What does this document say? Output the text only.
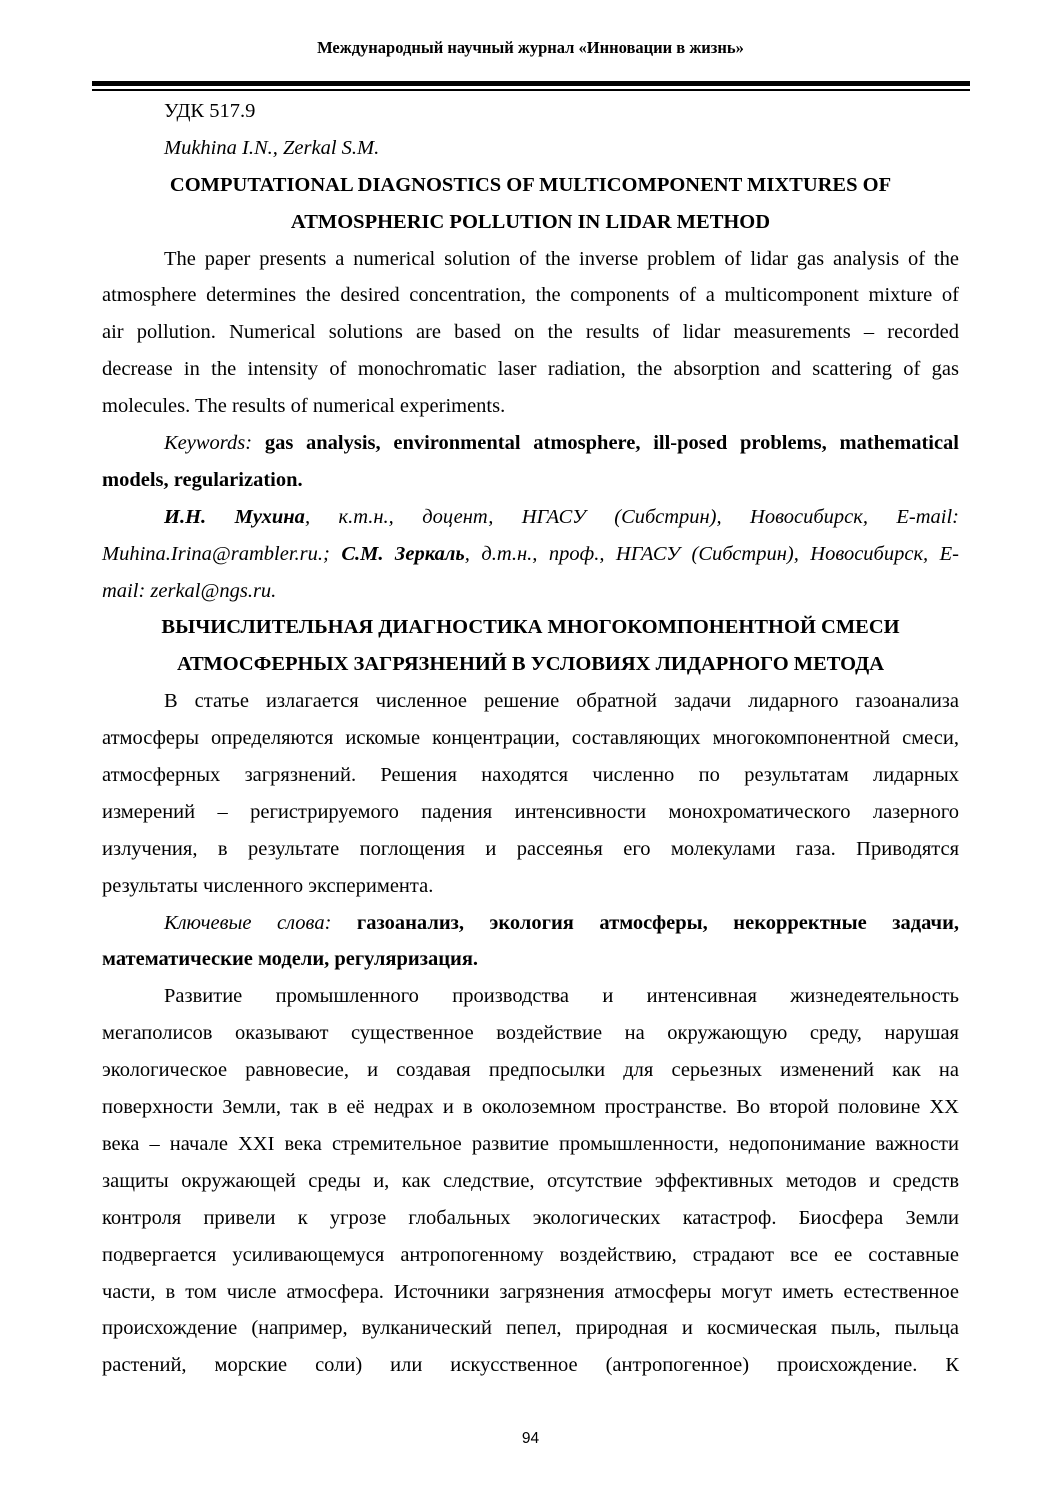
Международный научный журнал «Инновации в жизнь»
УДК 517.9
Mukhina I.N., Zerkal S.M.
COMPUTATIONAL DIAGNOSTICS OF MULTICOMPONENT MIXTURES OF
ATMOSPHERIC POLLUTION IN LIDAR METHOD
The paper presents a numerical solution of the inverse problem of lidar gas analysis of the
atmosphere determines the desired concentration, the components of a multicomponent mixture of
air pollution. Numerical solutions are based on the results of lidar measurements – recorded
decrease in the intensity of monochromatic laser radiation, the absorption and scattering of gas
molecules. The results of numerical experiments.
Keywords: gas analysis, environmental atmosphere, ill-posed problems, mathematical
models, regularization.
И.Н. Мухина, к.т.н., доцент, НГАСУ (Сибстрин), Новосибирск, E-mail:
Muhina.Irina@rambler.ru.; С.М. Зеркаль, д.т.н., проф., НГАСУ (Сибстрин), Новосибирск, E-
mail: zerkal@ngs.ru.
ВЫЧИСЛИТЕЛЬНАЯ ДИАГНОСТИКА МНОГОКОМПОНЕНТНОЙ СМЕСИ
АТМОСФЕРНЫХ ЗАГРЯЗНЕНИЙ В УСЛОВИЯХ ЛИДАРНОГО МЕТОДА
В статье излагается численное решение обратной задачи лидарного газоанализа
атмосферы определяются искомые концентрации, составляющих многокомпонентной смеси,
атмосферных загрязнений. Решения находятся численно по результатам лидарных
измерений – регистрируемого падения интенсивности монохроматического лазерного
излучения, в результате поглощения и рассеянья его молекулами газа. Приводятся
результаты численного эксперимента.
Ключевые слова: газоанализ, экология атмосферы, некорректные задачи,
математические модели, регуляризация.
Развитие промышленного производства и интенсивная жизнедеятельность
мегаполисов оказывают существенное воздействие на окружающую среду, нарушая
экологическое равновесие, и создавая предпосылки для серьезных изменений как на
поверхности Земли, так в её недрах и в околоземном пространстве. Во второй половине XX
века – начале XXI века стремительное развитие промышленности, недопонимание важности
защиты окружающей среды и, как следствие, отсутствие эффективных методов и средств
контроля привели к угрозе глобальных экологических катастроф. Биосфера Земли
подвергается усиливающемуся антропогенному воздействию, страдают все ее составные
части, в том числе атмосфера. Источники загрязнения атмосферы могут иметь естественное
происхождение (например, вулканический пепел, природная и космическая пыль, пыльца
растений, морские соли) или искусственное (антропогенное) происхождение. К
94
